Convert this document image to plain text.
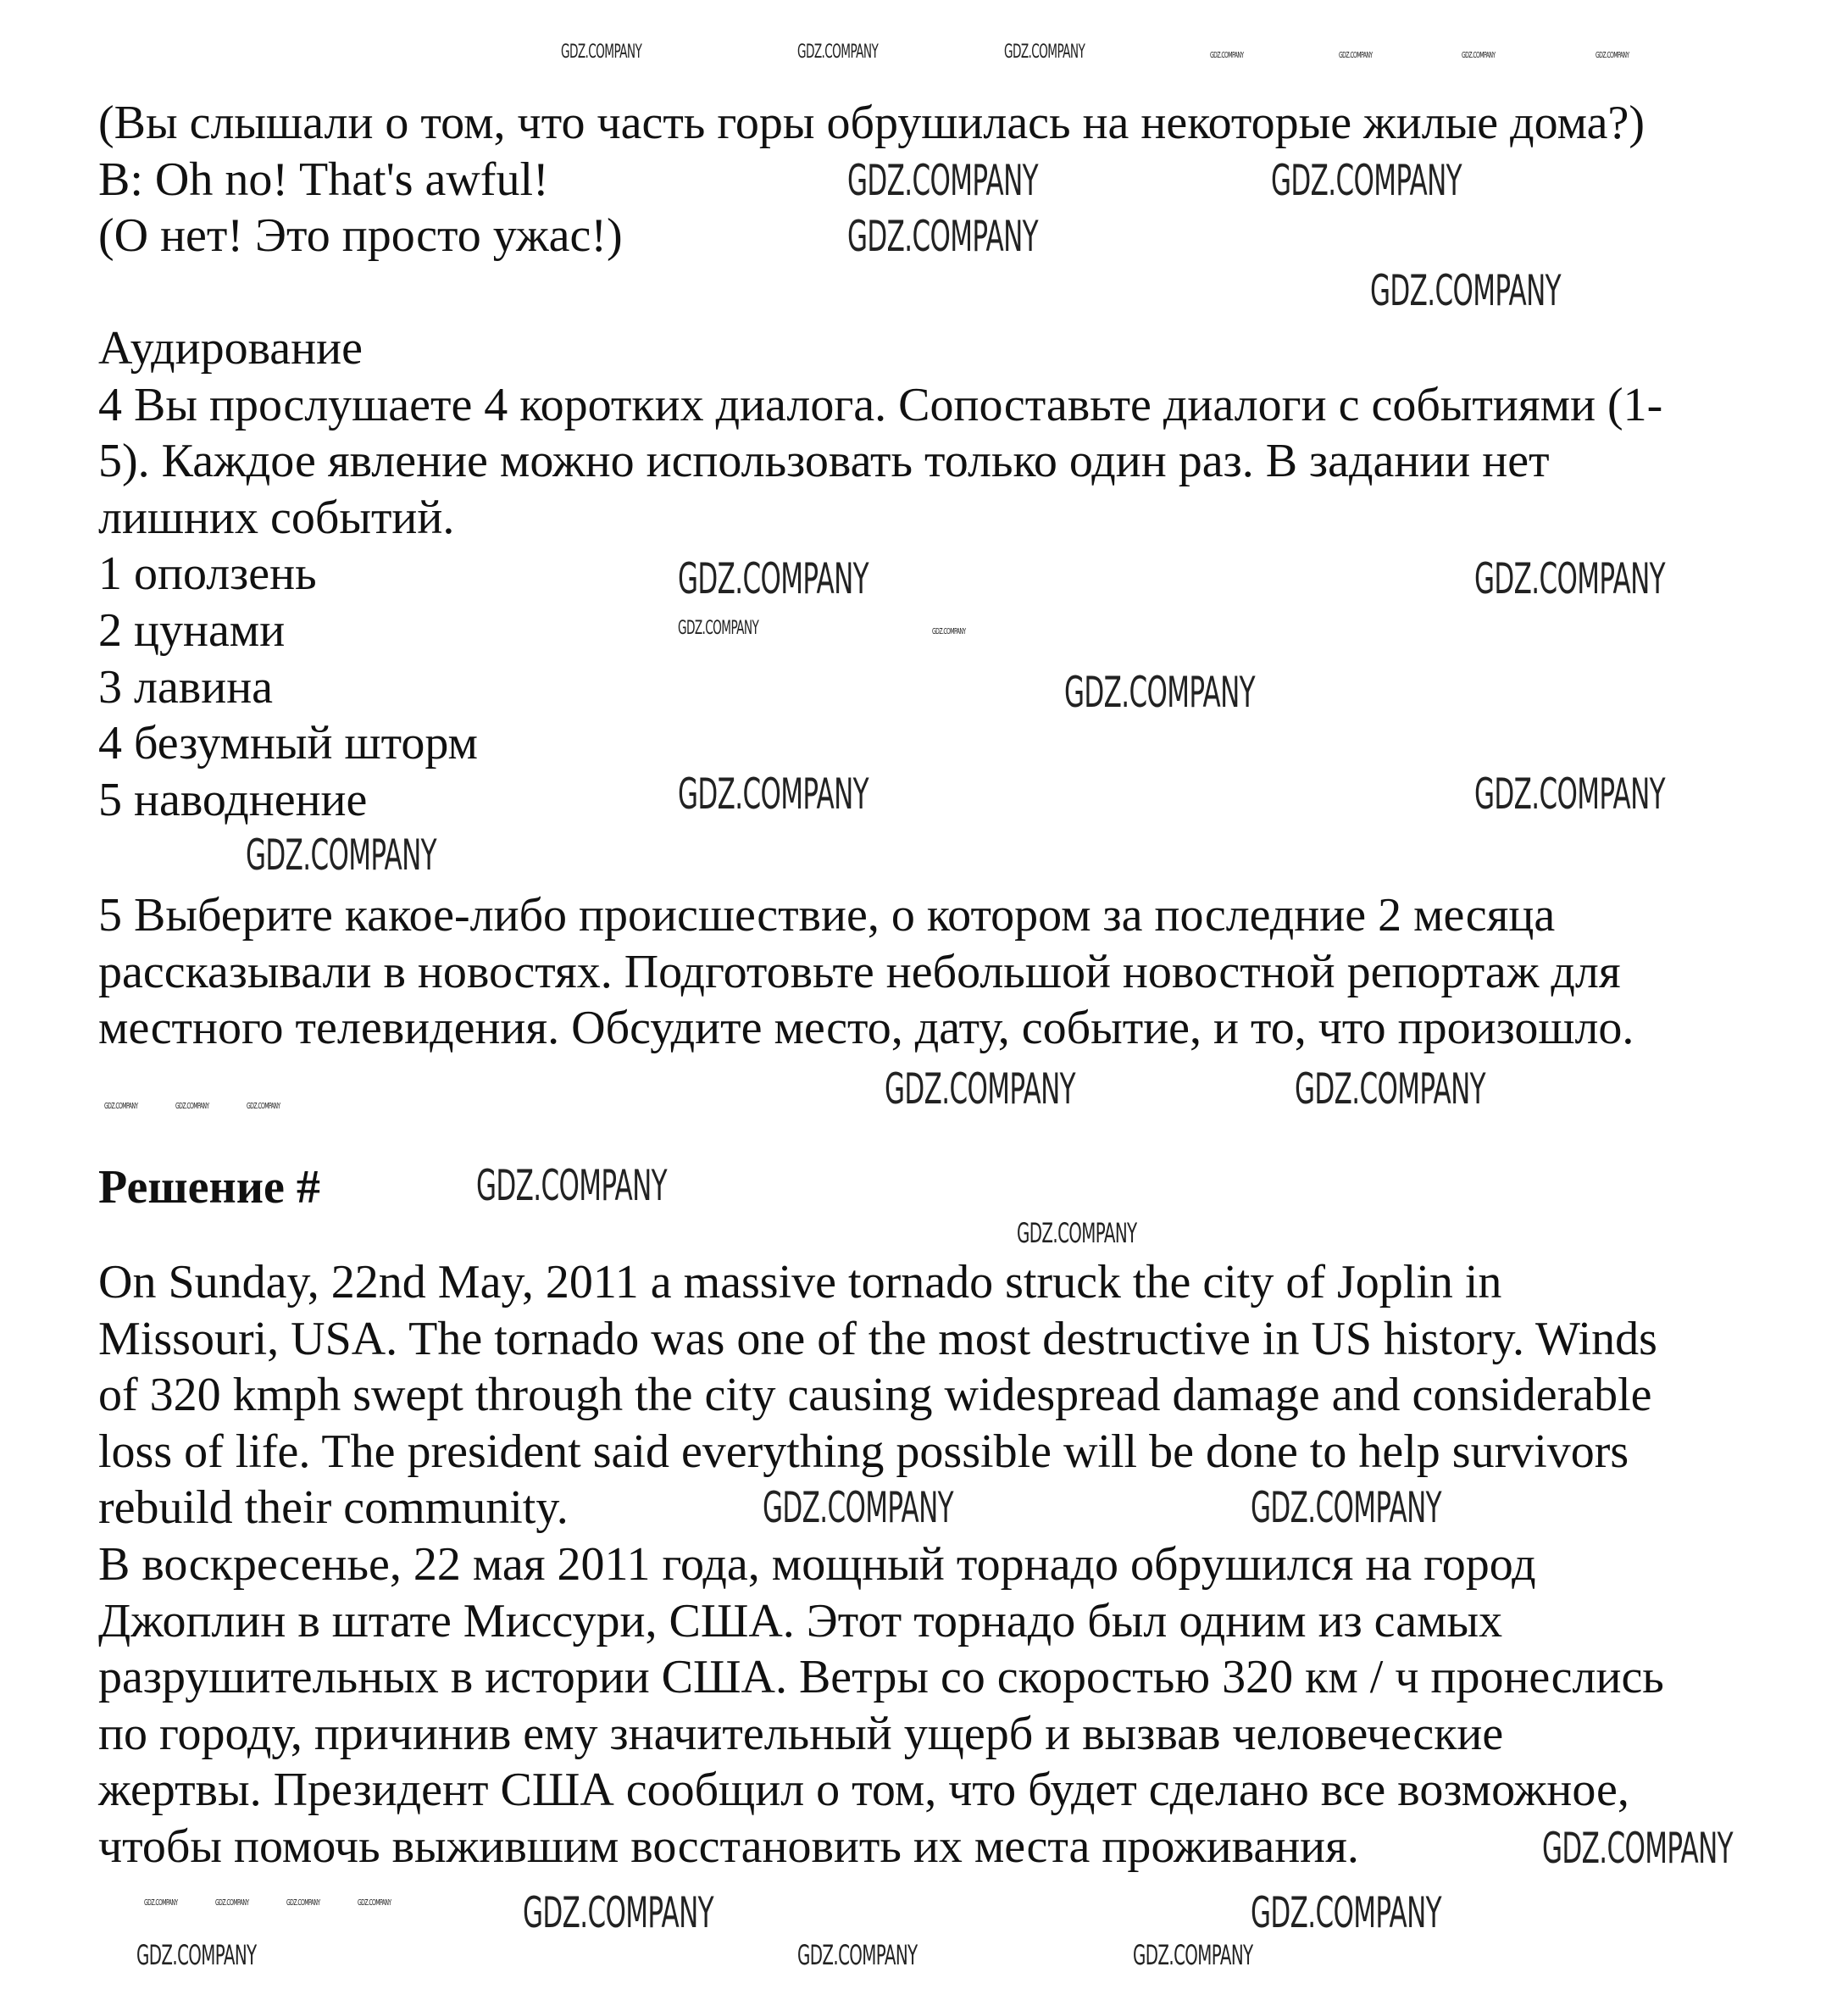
(Вы слышали о том, что часть горы обрушилась на некоторые жилые дома?)
B: Oh no! That's awful!
(О нет! Это просто ужас!)
Аудирование
4 Вы прослушаете 4 коротких диалога. Сопоставьте диалоги с событиями (1-
5). Каждое явление можно использовать только один раз. В задании нет
лишних событий.
1 оползень
2 цунами
3 лавина
4 безумный шторм
5 наводнение
5 Выберите какое-либо происшествие, о котором за последние 2 месяца
рассказывали в новостях. Подготовьте небольшой новостной репортаж для
местного телевидения. Обсудите место, дату, событие, и то, что произошло.
Решение #
On Sunday, 22nd May, 2011 a massive tornado struck the city of Joplin in
Missouri, USA. The tornado was one of the most destructive in US history. Winds
of 320 kmph swept through the city causing widespread damage and considerable
loss of life. The president said everything possible will be done to help survivors
rebuild their community.
В воскресенье, 22 мая 2011 года, мощный торнадо обрушился на город
Джоплин в штате Миссури, США. Этот торнадо был одним из самых
разрушительных в истории США. Ветры со скоростью 320 км / ч пронеслись
по городу, причинив ему значительный ущерб и вызвав человеческие
жертвы. Президент США сообщил о том, что будет сделано все возможное,
чтобы помочь выжившим восстановить их места проживания.
GDZ.COMPANY	GDZ.COMPANY	GDZ.COMPANY	GDZ.COMPANY	GDZ.COMPANY	GDZ.COMPANY	GDZ.COMPANY
GDZ.COMPANY	GDZ.COMPANY
GDZ.COMPANY
GDZ.COMPANY
GDZ.COMPANY	GDZ.COMPANY
GDZ.COMPANY	GDZ.COMPANY
GDZ.COMPANY
GDZ.COMPANY	GDZ.COMPANY
GDZ.COMPANY
GDZ.COMPANY	GDZ.COMPANY
GDZ.COMPANY	GDZ.COMPANY	GDZ.COMPANY
GDZ.COMPANY
GDZ.COMPANY
GDZ.COMPANY	GDZ.COMPANY
GDZ.COMPANY
GDZ.COMPANY	GDZ.COMPANY
GDZ.COMPANY	GDZ.COMPANY	GDZ.COMPANY
GDZ.COMPANY	GDZ.COMPANY	GDZ.COMPANY	GDZ.COMPANY
